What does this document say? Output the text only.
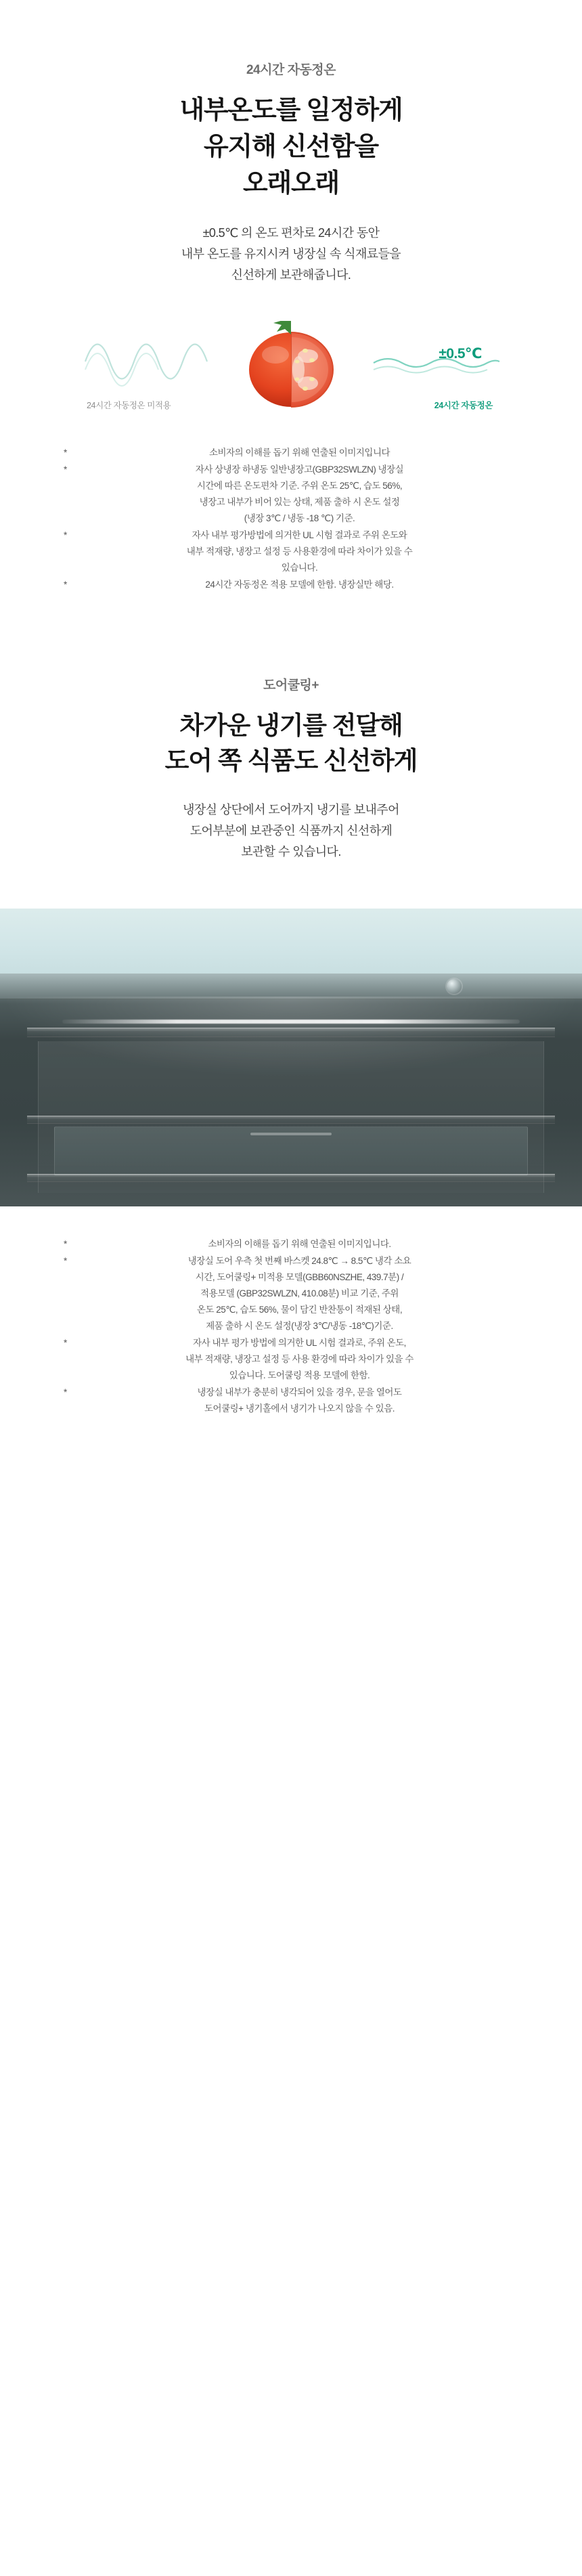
24시간 자동정온
내부온도를 일정하게
유지해 신선함을
오래오래

±0.5℃ 의 온도 편차로 24시간 동안
내부 온도를 유지시켜 냉장실 속 식재료들을
신선하게 보관해줍니다.

24시간 자동정온 미적용
±0.5℃
24시간 자동정온
* 소비자의 이해를 돕기 위해 연출된 이미지입니다
* 자사 상냉장 하냉동 일반냉장고(GBP32SWLZN) 냉장실
시간에 따른 온도편차 기준. 주위 온도 25℃, 습도 56%,
냉장고 내부가 비어 있는 상태, 제품 출하 시 온도 설정
(냉장 3℃ / 냉동 -18 ℃) 기준.
* 자사 내부 평가방법에 의거한 UL 시험 결과로 주위 온도와
내부 적재량, 냉장고 설정 등 사용환경에 따라 차이가 있을 수
있습니다.
* 24시간 자동정온 적용 모델에 한함. 냉장실만 해당.
도어쿨링+
차가운 냉기를 전달해
도어 쪽 식품도 신선하게

냉장실 상단에서 도어까지 냉기를 보내주어
도어부분에 보관중인 식품까지 신선하게
보관할 수 있습니다.

* 소비자의 이해를 돕기 위해 연출된 이미지입니다.
* 냉장실 도어 우측 첫 번째 바스켓 24.8℃ → 8.5℃ 냉각 소요
시간, 도어쿨링+ 미적용 모델(GBB60NSZHE, 439.7분) /
적용모델 (GBP32SWLZN, 410.08분) 비교 기준, 주위
온도 25℃, 습도 56%, 물이 담긴 반찬통이 적재된 상태,
제품 출하 시 온도 설정(냉장 3℃/냉동 -18℃)기준.
* 자사 내부 평가 방법에 의거한 UL 시험 결과로, 주위 온도,
내부 적재량, 냉장고 설정 등 사용 환경에 따라 차이가 있을 수
있습니다. 도어쿨링 적용 모델에 한함.
* 냉장실 내부가 충분히 냉각되어 있을 경우, 문을 열어도
도어쿨링+ 냉기홀에서 냉기가 나오지 않을 수 있음.
